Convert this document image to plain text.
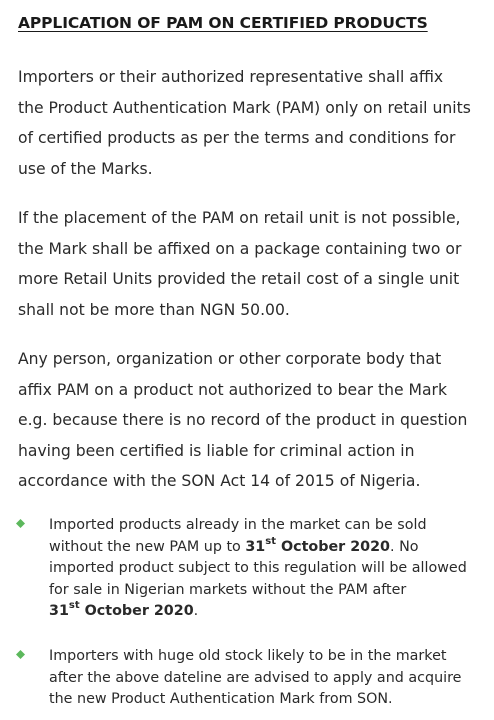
APPLICATION OF PAM ON CERTIFIED PRODUCTS

Importers or their authorized representative shall affix
the Product Authentication Mark (PAM) only on retail units
of certified products as per the terms and conditions for
use of the Marks.

If the placement of the PAM on retail unit is not possible,
the Mark shall be affixed on a package containing two or
more Retail Units provided the retail cost of a single unit
shall not be more than NGN 50.00.

Any person, organization or other corporate body that
affix PAM on a product not authorized to bear the Mark
e.g. because there is no record of the product in question
having been certified is liable for criminal action in
accordance with the SON Act 14 of 2015 of Nigeria.

Imported products already in the market can be sold
without the new PAM up to 31st October 2020. No
imported product subject to this regulation will be allowed
for sale in Nigerian markets without the PAM after
31st October 2020.
Importers with huge old stock likely to be in the market
after the above dateline are advised to apply and acquire
the new Product Authentication Mark from SON.
